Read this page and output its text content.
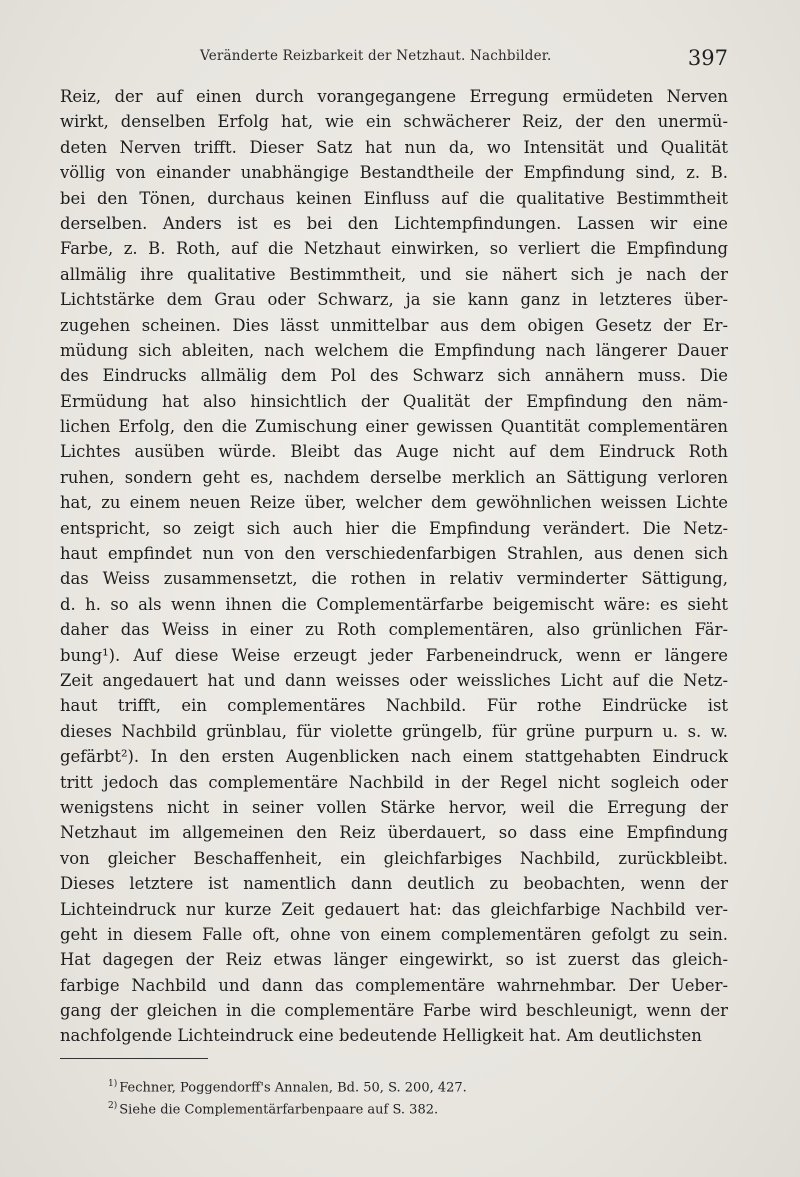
Veränderte Reizbarkeit der Netzhaut. Nachbilder.	397
Reiz, der auf einen durch vorangegangene Erregung ermüdeten Nerven
wirkt, denselben Erfolg hat, wie ein schwächerer Reiz, der den unermü-
deten Nerven trifft. Dieser Satz hat nun da, wo Intensität und Qualität
völlig von einander unabhängige Bestandtheile der Empfindung sind, z. B.
bei den Tönen, durchaus keinen Einfluss auf die qualitative Bestimmtheit
derselben. Anders ist es bei den Lichtempfindungen. Lassen wir eine
Farbe, z. B. Roth, auf die Netzhaut einwirken, so verliert die Empfindung
allmälig ihre qualitative Bestimmtheit, und sie nähert sich je nach der
Lichtstärke dem Grau oder Schwarz, ja sie kann ganz in letzteres über-
zugehen scheinen. Dies lässt unmittelbar aus dem obigen Gesetz der Er-
müdung sich ableiten, nach welchem die Empfindung nach längerer Dauer
des Eindrucks allmälig dem Pol des Schwarz sich annähern muss. Die
Ermüdung hat also hinsichtlich der Qualität der Empfindung den näm-
lichen Erfolg, den die Zumischung einer gewissen Quantität complementären
Lichtes ausüben würde. Bleibt das Auge nicht auf dem Eindruck Roth
ruhen, sondern geht es, nachdem derselbe merklich an Sättigung verloren
hat, zu einem neuen Reize über, welcher dem gewöhnlichen weissen Lichte
entspricht, so zeigt sich auch hier die Empfindung verändert. Die Netz-
haut empfindet nun von den verschiedenfarbigen Strahlen, aus denen sich
das Weiss zusammensetzt, die rothen in relativ verminderter Sättigung,
d. h. so als wenn ihnen die Complementärfarbe beigemischt wäre: es sieht
daher das Weiss in einer zu Roth complementären, also grünlichen Fär-
bung¹). Auf diese Weise erzeugt jeder Farbeneindruck, wenn er längere
Zeit angedauert hat und dann weisses oder weissliches Licht auf die Netz-
haut trifft, ein complementäres Nachbild. Für rothe Eindrücke ist
dieses Nachbild grünblau, für violette grüngelb, für grüne purpurn u. s. w.
gefärbt²). In den ersten Augenblicken nach einem stattgehabten Eindruck
tritt jedoch das complementäre Nachbild in der Regel nicht sogleich oder
wenigstens nicht in seiner vollen Stärke hervor, weil die Erregung der
Netzhaut im allgemeinen den Reiz überdauert, so dass eine Empfindung
von gleicher Beschaffenheit, ein gleichfarbiges Nachbild, zurückbleibt.
Dieses letztere ist namentlich dann deutlich zu beobachten, wenn der
Lichteindruck nur kurze Zeit gedauert hat: das gleichfarbige Nachbild ver-
geht in diesem Falle oft, ohne von einem complementären gefolgt zu sein.
Hat dagegen der Reiz etwas länger eingewirkt, so ist zuerst das gleich-
farbige Nachbild und dann das complementäre wahrnehmbar. Der Ueber-
gang der gleichen in die complementäre Farbe wird beschleunigt, wenn der
nachfolgende Lichteindruck eine bedeutende Helligkeit hat. Am deutlichsten
$^{1)}$ Fechner, Poggendorff's Annalen, Bd. 50, S. 200, 427.
$^{2)}$ Siehe die Complementärfarbenpaare auf S. 382.
